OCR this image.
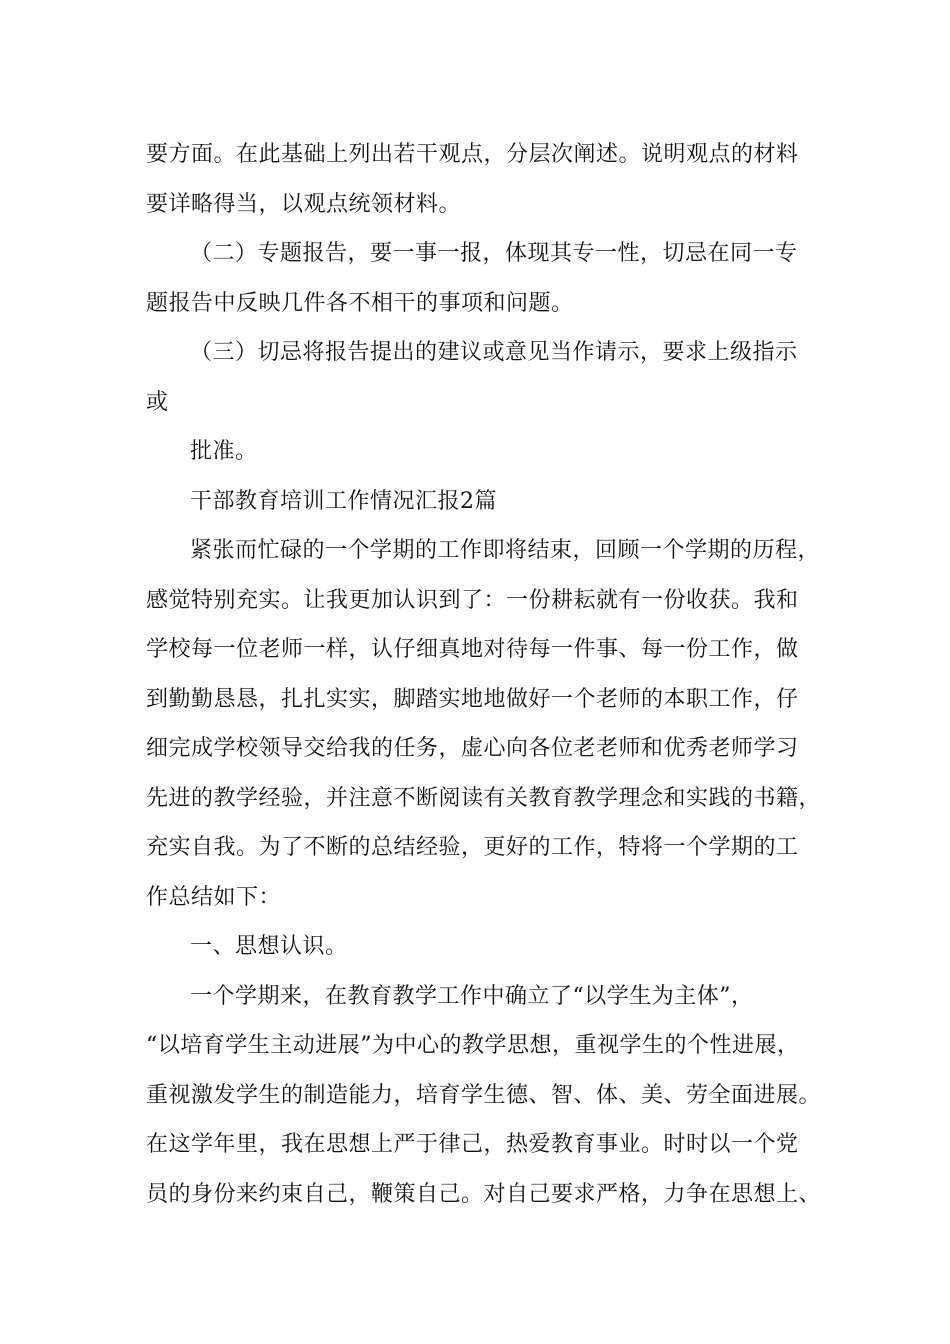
要方面。在此基础上列出若干观点，分层次阐述。说明观点的材料
要详略得当，以观点统领材料。
（二）专题报告，要一事一报，体现其专一性，切忌在同一专
题报告中反映几件各不相干的事项和问题。
（三）切忌将报告提出的建议或意见当作请示，要求上级指示
或
批准。
干部教育培训工作情况汇报2篇
紧张而忙碌的一个学期的工作即将结束，回顾一个学期的历程，
感觉特别充实。让我更加认识到了：一份耕耘就有一份收获。我和
学校每一位老师一样，认仔细真地对待每一件事、每一份工作，做
到勤勤恳恳，扎扎实实，脚踏实地地做好一个老师的本职工作，仔
细完成学校领导交给我的任务，虚心向各位老老师和优秀老师学习
先进的教学经验，并注意不断阅读有关教育教学理念和实践的书籍，
充实自我。为了不断的总结经验，更好的工作，特将一个学期的工
作总结如下：
一、思想认识。
一个学期来，在教育教学工作中确立了“以学生为主体”，
“以培育学生主动进展”为中心的教学思想，重视学生的个性进展，
重视激发学生的制造能力，培育学生德、智、体、美、劳全面进展。
在这学年里，我在思想上严于律己，热爱教育事业。时时以一个党
员的身份来约束自己，鞭策自己。对自己要求严格，力争在思想上、
